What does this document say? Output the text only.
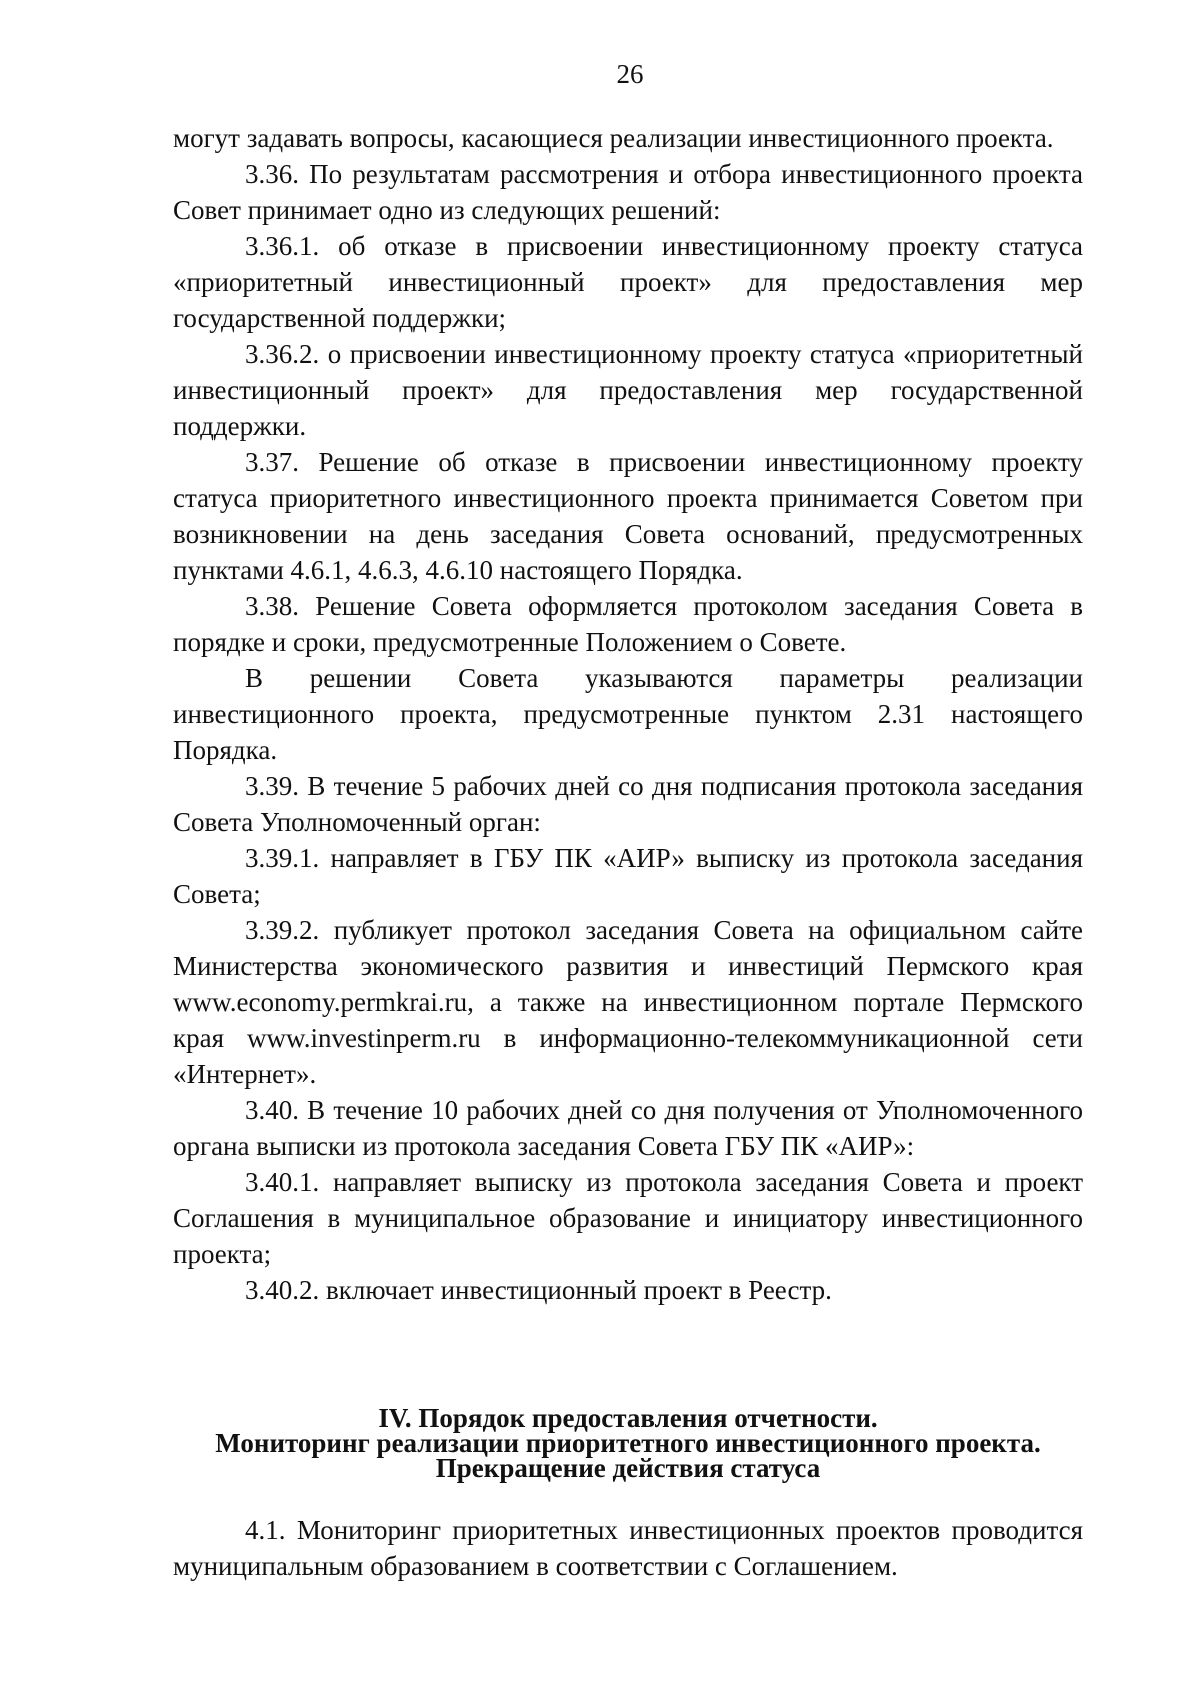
26

могут задавать вопросы, касающиеся реализации инвестиционного проекта.

3.36. По результатам рассмотрения и отбора инвестиционного проекта Совет принимает одно из следующих решений:

3.36.1. об отказе в присвоении инвестиционному проекту статуса «приоритетный инвестиционный проект» для предоставления мер государственной поддержки;

3.36.2. о присвоении инвестиционному проекту статуса «приоритетный инвестиционный проект» для предоставления мер государственной поддержки.

3.37. Решение об отказе в присвоении инвестиционному проекту статуса приоритетного инвестиционного проекта принимается Советом при возникновении на день заседания Совета оснований, предусмотренных пунктами 4.6.1, 4.6.3, 4.6.10 настоящего Порядка.

3.38. Решение Совета оформляется протоколом заседания Совета в порядке и сроки, предусмотренные Положением о Совете.

В решении Совета указываются параметры реализации инвестиционного проекта, предусмотренные пунктом 2.31 настоящего Порядка.

3.39. В течение 5 рабочих дней со дня подписания протокола заседания Совета Уполномоченный орган:

3.39.1. направляет в ГБУ ПК «АИР» выписку из протокола заседания Совета;

3.39.2. публикует протокол заседания Совета на официальном сайте Министерства экономического развития и инвестиций Пермского края www.economy.permkrai.ru, а также на инвестиционном портале Пермского края www.investinperm.ru в информационно-телекоммуникационной сети «Интернет».

3.40. В течение 10 рабочих дней со дня получения от Уполномоченного органа выписки из протокола заседания Совета ГБУ ПК «АИР»:

3.40.1. направляет выписку из протокола заседания Совета и проект Соглашения в муниципальное образование и инициатору инвестиционного проекта;

3.40.2. включает инвестиционный проект в Реестр.

IV. Порядок предоставления отчетности.
Мониторинг реализации приоритетного инвестиционного проекта.
Прекращение действия статуса

4.1. Мониторинг приоритетных инвестиционных проектов проводится муниципальным образованием в соответствии с Соглашением.
